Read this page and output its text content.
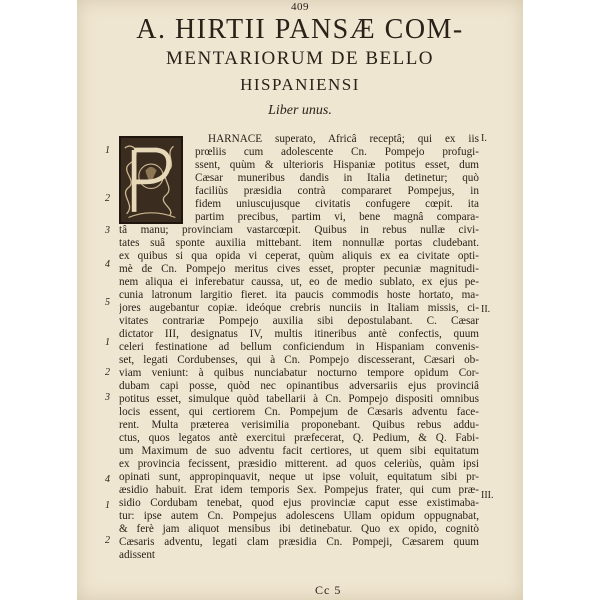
409
A. HIRTII PANSÆ COM-
MENTARIORUM DE BELLO
HISPANIENSI
Liber unus.
HARNACE superato, Africâ receptâ; qui ex iis
prœliis cum adolescente Cn. Pompejo profugi-
ssent, quùm & ulterioris Hispaniæ potitus esset, dum
Cæsar muneribus dandis in Italia detinetur; quò
faciliùs præsidia contrà compararet Pompejus, in
fidem uniuscujusque civitatis confugere cœpit. ita
partim precibus, partim vi, bene magnâ compara-
tâ manu; provinciam vastarcœpit. Quibus in rebus nullæ civi-
tates suâ sponte auxilia mittebant. item nonnullæ portas cludebant.
ex quibus si qua opida vi ceperat, quùm aliquis ex ea civitate opti-
mè de Cn. Pompejo meritus cives esset, propter pecuniæ magnitudi-
nem aliqua ei inferebatur caussa, ut, eo de medio sublato, ex ejus pe-
cunia latronum largitio fieret. ita paucis commodis hoste hortato, ma-
jores augebantur copiæ. ideóque crebris nunciis in Italiam missis, ci-
vitates contrariæ Pompejo auxilia sibi depostulabant. C. Cæsar
dictator III, designatus IV, multis itineribus antè confectis, quum
celeri festinatione ad bellum conficiendum in Hispaniam convenis-
set, legati Cordubenses, qui à Cn. Pompejo discesserant, Cæsari ob-
viam veniunt: à quibus nunciabatur nocturno tempore opidum Cor-
dubam capi posse, quòd nec opinantibus adversariis ejus provinciâ
potitus esset, simulque quòd tabellarii à Cn. Pompejo dispositi omnibus
locis essent, qui certiorem Cn. Pompejum de Cæsaris adventu face-
rent. Multa præterea verisimilia proponebant. Quibus rebus addu-
ctus, quos legatos antè exercitui præfecerat, Q. Pedium, & Q. Fabi-
um Maximum de suo adventu facit certiores, ut quem sibi equitatum
ex provincia fecissent, præsidio mitterent. ad quos celeriùs, quàm ipsi
opinati sunt, appropinquavit, neque ut ipse voluit, equitatum sibi pr-
æsidio habuit. Erat idem temporis Sex. Pompejus frater, qui cum præ-
sidio Cordubam tenebat, quod ejus provinciæ caput esse existimaba-
tur: ipse autem Cn. Pompejus adolescens Ullam opidum oppugnabat,
& ferè jam aliquot mensibus ibi detinebatur. Quo ex opido, cognitò
Cæsaris adventu, legati clam præsidia Cn. Pompeji, Cæsarem quum
adissent
1
2
3
4
5
1
2
3
4
1
2
I.
II.
III.
Cc 5
